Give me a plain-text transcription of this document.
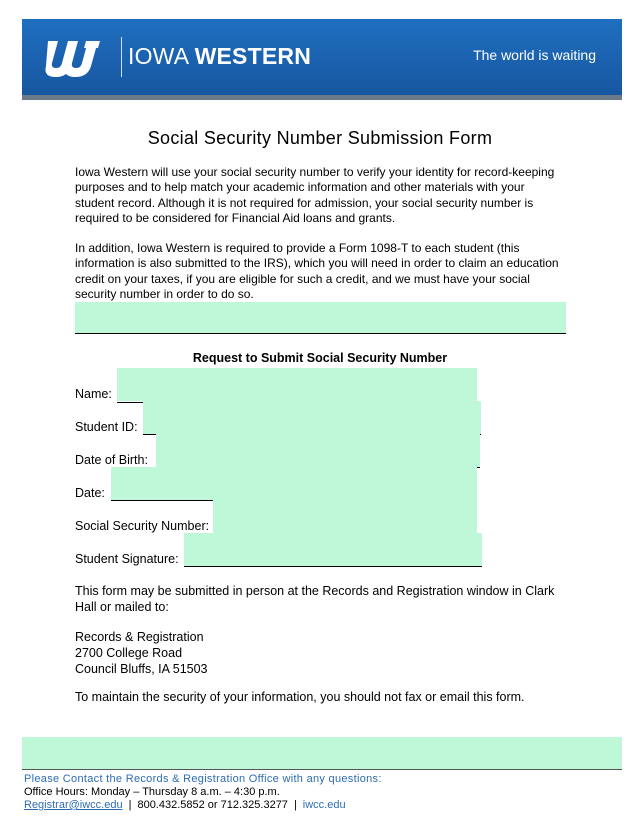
IOWA WESTERN	The world is waiting
Social Security Number Submission Form
Iowa Western will use your social security number to verify your identity for record-keeping purposes and to help match your academic information and other materials with your student record. Although it is not required for admission, your social security number is required to be considered for Financial Aid loans and grants.
In addition, Iowa Western is required to provide a Form 1098-T to each student (this information is also submitted to the IRS), which you will need in order to claim an education credit on your taxes, if you are eligible for such a credit, and we must have your social security number in order to do so.
Request to Submit Social Security Number
Name:
Student ID:
Date of Birth:
Date:
Social Security Number:
Student Signature:
This form may be submitted in person at the Records and Registration window in Clark Hall or mailed to:
Records & Registration
2700 College Road
Council Bluffs, IA 51503
To maintain the security of your information, you should not fax or email this form.
Please Contact the Records & Registration Office with any questions:
Office Hours: Monday – Thursday 8 a.m. – 4:30 p.m.
Registrar@iwcc.edu | 800.432.5852 or 712.325.3277 | iwcc.edu
